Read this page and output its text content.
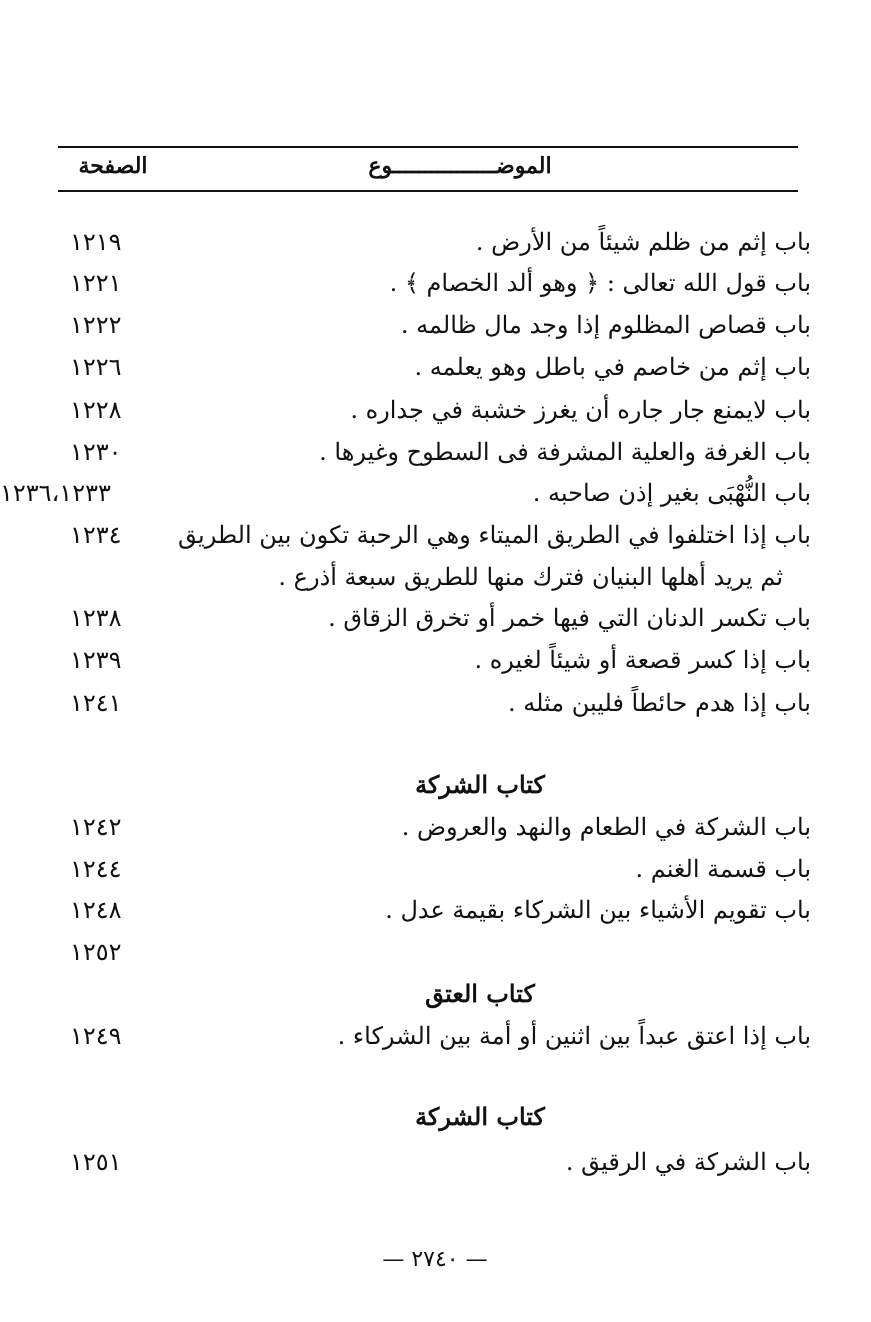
الموضــــــــــــــــوع
الصفحة
باب إثم من ظلم شيئاً من الأرض .
١٢١٩
باب قول الله تعالى : ﴿ وهو ألد الخصام ﴾ .
١٢٢١
باب قصاص المظلوم إذا وجد مال ظالمه .
١٢٢٢
باب إثم من خاصم في باطل وهو يعلمه .
١٢٢٦
باب لايمنع جار جاره أن يغرز خشبة في جداره .
١٢٢٨
باب الغرفة والعلية المشرفة فى السطوح وغيرها .
١٢٣٠
باب النُّهْبَى بغير إذن صاحبه .
١٢٣٦،١٢٣٣
باب إذا اختلفوا في الطريق الميتاء وهي الرحبة تكون بين الطريق
١٢٣٤
ثم يريد أهلها البنيان فترك منها للطريق سبعة أذرع .
باب تكسر الدنان التي فيها خمر أو تخرق الزقاق .
١٢٣٨
باب إذا كسر قصعة أو شيئاً لغيره .
١٢٣٩
باب إذا هدم حائطاً فليبن مثله .
١٢٤١
كتاب الشركة
باب الشركة في الطعام والنهد والعروض .
١٢٤٢
باب قسمة الغنم .
١٢٤٤
باب تقويم الأشياء بين الشركاء بقيمة عدل .
١٢٤٨
١٢٥٢
كتاب العتق
باب إذا اعتق عبداً بين اثنين أو أمة بين الشركاء .
١٢٤٩
كتاب الشركة
باب الشركة في الرقيق .
١٢٥١
— ٢٧٤٠ —
